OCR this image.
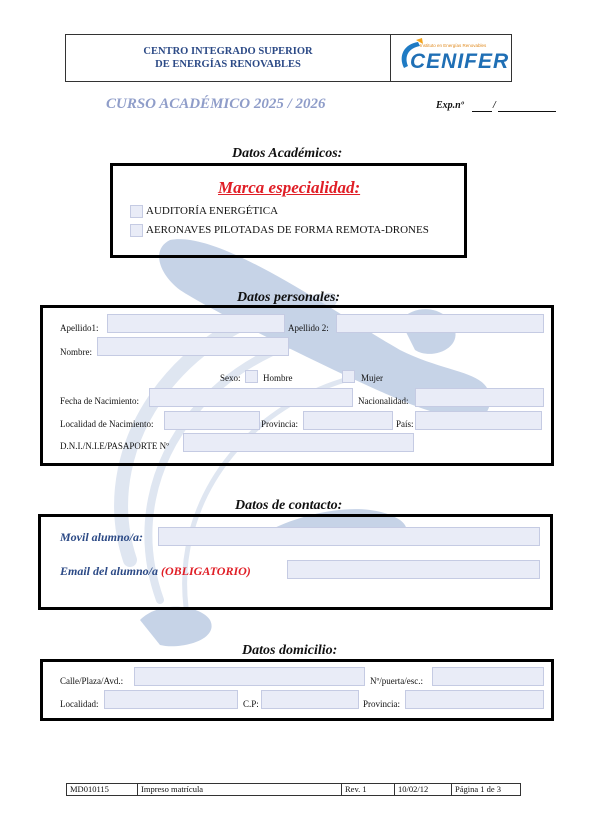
CENTRO INTEGRADO SUPERIOR
DE ENERGÍAS RENOVABLES
Instituto en Energías Renovables
CENIFER
CURSO ACADÉMICO 2025 / 2026	Exp.nº	/
Datos Académicos:
Marca especialidad:
AUDITORÍA ENERGÉTICA
AERONAVES PILOTADAS DE FORMA REMOTA-DRONES
Datos personales:
Apellido1:	Apellido 2:
Nombre:
Sexo: Hombre	Mujer
Fecha de Nacimiento:	Nacionalidad:
Localidad de Nacimiento:	Provincia:	País:
D.N.I./N.I.E/PASAPORTE Nº
Datos de contacto:
Movil alumno/a:
Email del alumno/a (OBLIGATORIO)
Datos domicilio:
Calle/Plaza/Avd.:	Nº/puerta/esc.:
Localidad:	C.P:	Provincia:
MD010115	Impreso matrícula	Rev. 1	10/02/12	Página 1 de 3
